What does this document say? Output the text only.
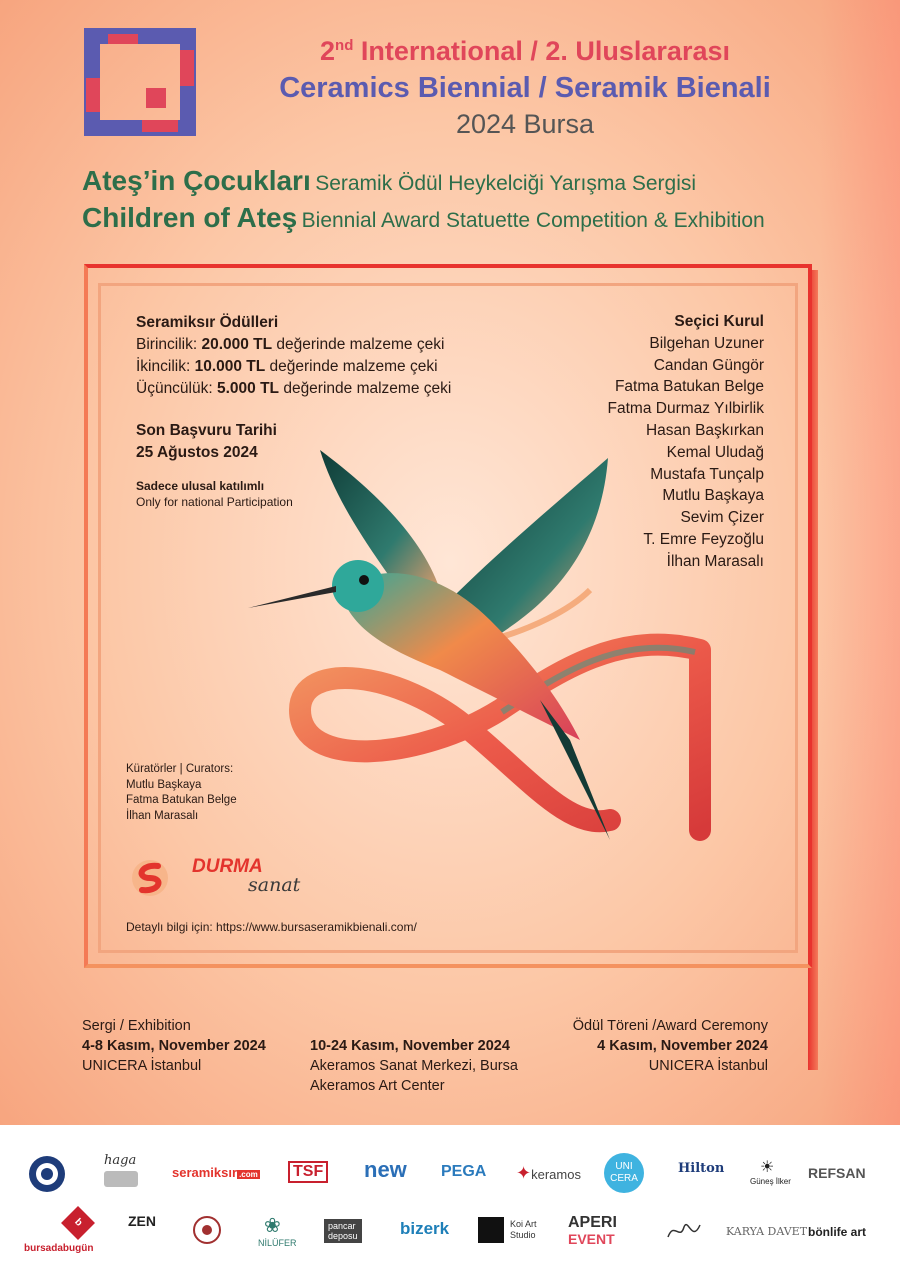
2nd International / 2. Uluslararası
Ceramics Biennial / Seramik Bienali
2024 Bursa
Ateş’in Çocukları Seramik Ödül Heykelciği Yarışma Sergisi
Children of Ateş Biennial Award Statuette Competition & Exhibition
Seramiksır Ödülleri
Birincilik: 20.000 TL değerinde malzeme çeki
İkincilik: 10.000 TL değerinde malzeme çeki
Üçüncülük: 5.000 TL değerinde malzeme çeki
Son Başvuru Tarihi
25 Ağustos 2024
Sadece ulusal katılımlı
Only for national Participation
Seçici Kurul
Bilgehan Uzuner
Candan Güngör
Fatma Batukan Belge
Fatma Durmaz Yılbirlik
Hasan Başkırkan
Kemal Uludağ
Mustafa Tunçalp
Mutlu Başkaya
Sevim Çizer
T. Emre Feyzoğlu
İlhan Marasalı
Küratörler | Curators:
Mutlu Başkaya
Fatma Batukan Belge
İlhan Marasalı
DURMA
sanat
Detaylı bilgi için: https://www.bursaseramikbienali.com/
Sergi / Exhibition
4-8 Kasım, November 2024
UNICERA İstanbul
10-24 Kasım, November 2024
Akeramos Sanat Merkezi, Bursa
Akeramos Art Center
Ödül Töreni /Award Ceremony
4 Kasım, November 2024
UNICERA İstanbul
haga
seramiksır .com	TSF new PEGA ✦keramos
UNI
CERA
Hilton	☀
Güneş İlker
REFSAN
b
bursadabugün
ZEN	❀
NİLÜFER
pancar
deposu bizerk	Koi Art
Studio
APERI
EVENT	KARYA DAVET bönlife art
